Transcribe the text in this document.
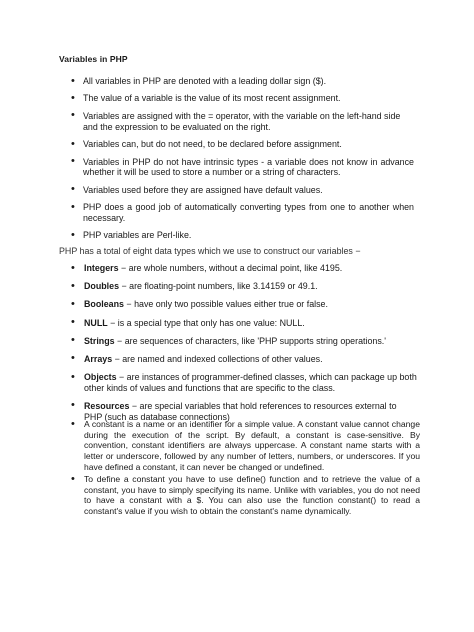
Variables in PHP
• All variables in PHP are denoted with a leading dollar sign ($).
• The value of a variable is the value of its most recent assignment.
• Variables are assigned with the = operator, with the variable on the left-hand side and the expression to be evaluated on the right.
• Variables can, but do not need, to be declared before assignment.
• Variables in PHP do not have intrinsic types - a variable does not know in advance whether it will be used to store a number or a string of characters.
• Variables used before they are assigned have default values.
• PHP does a good job of automatically converting types from one to another when necessary.
• PHP variables are Perl-like.
PHP has a total of eight data types which we use to construct our variables −
• Integers − are whole numbers, without a decimal point, like 4195.
• Doubles − are floating-point numbers, like 3.14159 or 49.1.
• Booleans − have only two possible values either true or false.
• NULL − is a special type that only has one value: NULL.
• Strings − are sequences of characters, like 'PHP supports string operations.'
• Arrays − are named and indexed collections of other values.
• Objects − are instances of programmer-defined classes, which can package up both other kinds of values and functions that are specific to the class.
• Resources − are special variables that hold references to resources external to PHP (such as database connections)
• A constant is a name or an identifier for a simple value. A constant value cannot change during the execution of the script. By default, a constant is case-sensitive. By convention, constant identifiers are always uppercase. A constant name starts with a letter or underscore, followed by any number of letters, numbers, or underscores. If you have defined a constant, it can never be changed or undefined.
• To define a constant you have to use define() function and to retrieve the value of a constant, you have to simply specifying its name. Unlike with variables, you do not need to have a constant with a $. You can also use the function constant() to read a constant's value if you wish to obtain the constant's name dynamically.
